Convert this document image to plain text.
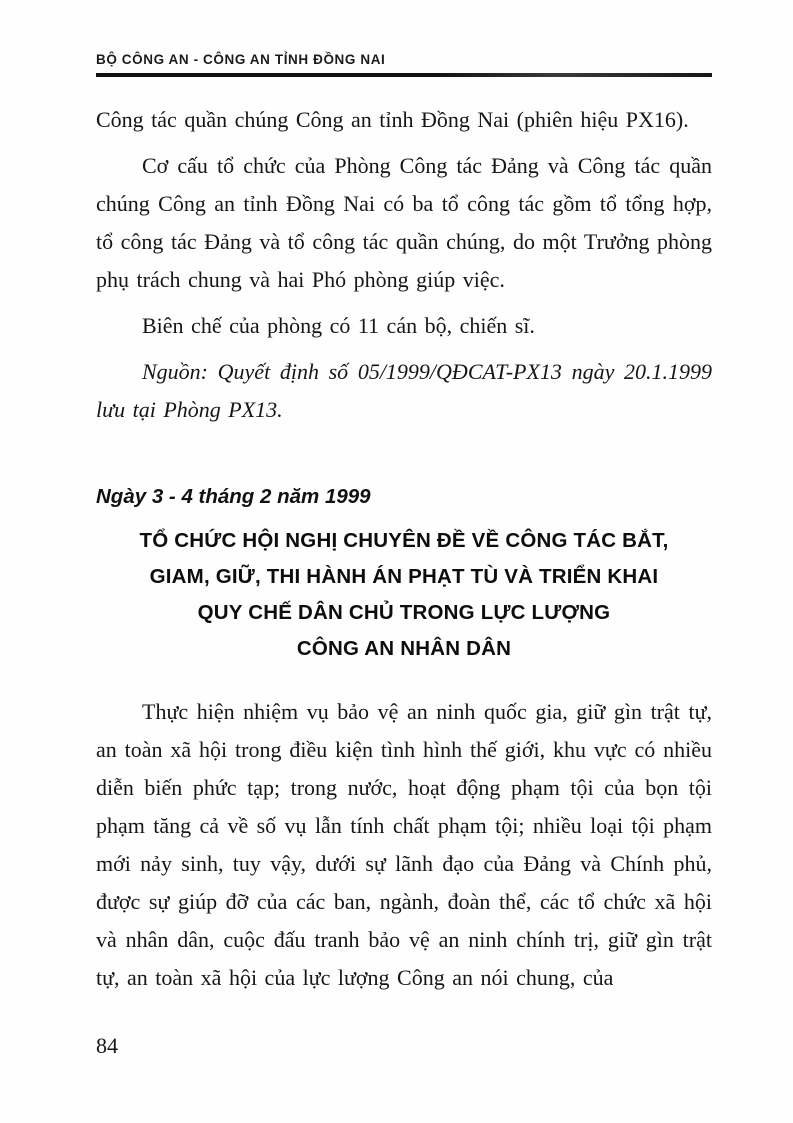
BỘ CÔNG AN - CÔNG AN TỈNH ĐỒNG NAI

Công tác quần chúng Công an tỉnh Đồng Nai (phiên hiệu PX16).

Cơ cấu tổ chức của Phòng Công tác Đảng và Công tác quần chúng Công an tỉnh Đồng Nai có ba tổ công tác gồm tổ tổng hợp, tổ công tác Đảng và tổ công tác quần chúng, do một Trưởng phòng phụ trách chung và hai Phó phòng giúp việc.

Biên chế của phòng có 11 cán bộ, chiến sĩ.

Nguồn: Quyết định số 05/1999/QĐCAT-PX13 ngày 20.1.1999 lưu tại Phòng PX13.

Ngày 3 - 4 tháng 2 năm 1999
TỔ CHỨC HỘI NGHỊ CHUYÊN ĐỀ VỀ CÔNG TÁC BẮT,
GIAM, GIỮ, THI HÀNH ÁN PHẠT TÙ VÀ TRIỂN KHAI
QUY CHẾ DÂN CHỦ TRONG LỰC LƯỢNG
CÔNG AN NHÂN DÂN

Thực hiện nhiệm vụ bảo vệ an ninh quốc gia, giữ gìn trật tự, an toàn xã hội trong điều kiện tình hình thế giới, khu vực có nhiều diễn biến phức tạp; trong nước, hoạt động phạm tội của bọn tội phạm tăng cả về số vụ lẫn tính chất phạm tội; nhiều loại tội phạm mới nảy sinh, tuy vậy, dưới sự lãnh đạo của Đảng và Chính phủ, được sự giúp đỡ của các ban, ngành, đoàn thể, các tổ chức xã hội và nhân dân, cuộc đấu tranh bảo vệ an ninh chính trị, giữ gìn trật tự, an toàn xã hội của lực lượng Công an nói chung, của

84
